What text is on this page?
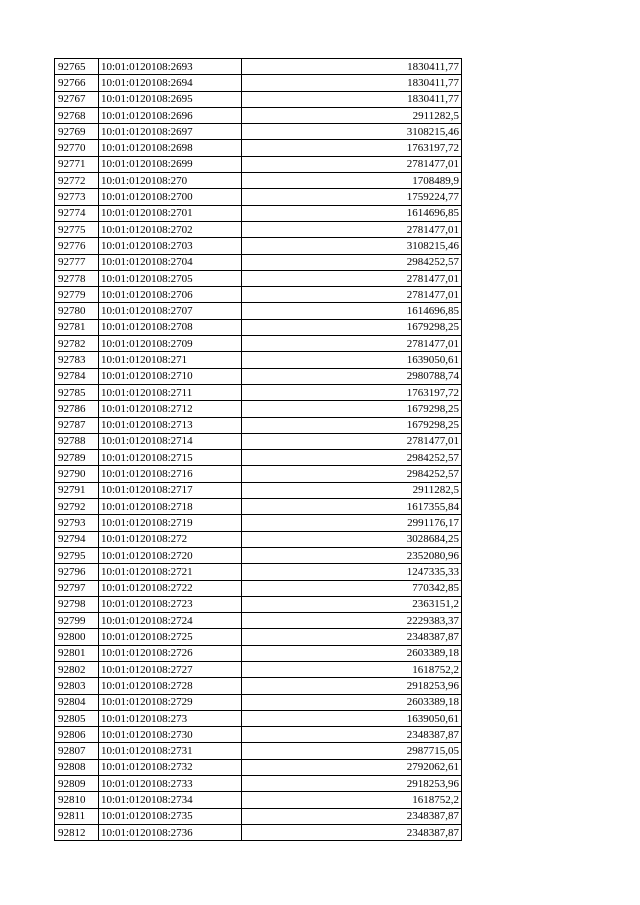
92765	10:01:0120108:2693	1830411,77
92766	10:01:0120108:2694	1830411,77
92767	10:01:0120108:2695	1830411,77
92768	10:01:0120108:2696	2911282,5
92769	10:01:0120108:2697	3108215,46
92770	10:01:0120108:2698	1763197,72
92771	10:01:0120108:2699	2781477,01
92772	10:01:0120108:270	1708489,9
92773	10:01:0120108:2700	1759224,77
92774	10:01:0120108:2701	1614696,85
92775	10:01:0120108:2702	2781477,01
92776	10:01:0120108:2703	3108215,46
92777	10:01:0120108:2704	2984252,57
92778	10:01:0120108:2705	2781477,01
92779	10:01:0120108:2706	2781477,01
92780	10:01:0120108:2707	1614696,85
92781	10:01:0120108:2708	1679298,25
92782	10:01:0120108:2709	2781477,01
92783	10:01:0120108:271	1639050,61
92784	10:01:0120108:2710	2980788,74
92785	10:01:0120108:2711	1763197,72
92786	10:01:0120108:2712	1679298,25
92787	10:01:0120108:2713	1679298,25
92788	10:01:0120108:2714	2781477,01
92789	10:01:0120108:2715	2984252,57
92790	10:01:0120108:2716	2984252,57
92791	10:01:0120108:2717	2911282,5
92792	10:01:0120108:2718	1617355,84
92793	10:01:0120108:2719	2991176,17
92794	10:01:0120108:272	3028684,25
92795	10:01:0120108:2720	2352080,96
92796	10:01:0120108:2721	1247335,33
92797	10:01:0120108:2722	770342,85
92798	10:01:0120108:2723	2363151,2
92799	10:01:0120108:2724	2229383,37
92800	10:01:0120108:2725	2348387,87
92801	10:01:0120108:2726	2603389,18
92802	10:01:0120108:2727	1618752,2
92803	10:01:0120108:2728	2918253,96
92804	10:01:0120108:2729	2603389,18
92805	10:01:0120108:273	1639050,61
92806	10:01:0120108:2730	2348387,87
92807	10:01:0120108:2731	2987715,05
92808	10:01:0120108:2732	2792062,61
92809	10:01:0120108:2733	2918253,96
92810	10:01:0120108:2734	1618752,2
92811	10:01:0120108:2735	2348387,87
92812	10:01:0120108:2736	2348387,87
